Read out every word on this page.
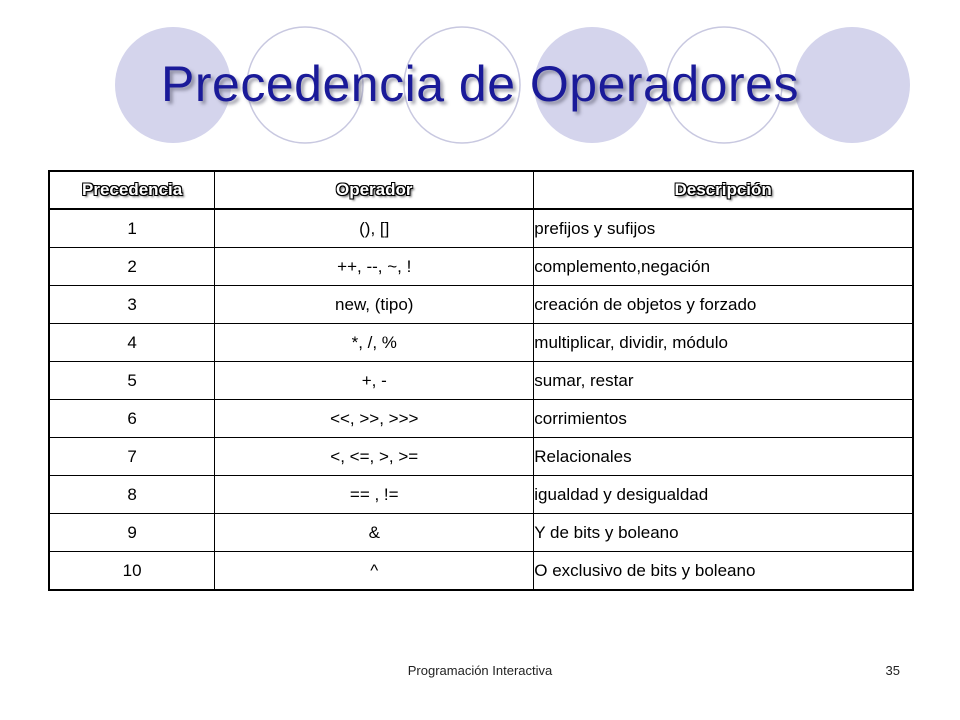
Precedencia de Operadores
Precedencia	Operador	Descripción
1	(), []	prefijos y sufijos
2	++, --, ~, !	complemento,negación
3	new, (tipo)	creación de objetos y forzado
4	*, /, %	multiplicar, dividir, módulo
5	+, -	sumar, restar
6	<<, >>, >>>	corrimientos
7	<, <=, >, >=	Relacionales
8	== , !=	igualdad y desigualdad
9	&	Y de bits y boleano
10	^	O exclusivo de bits y boleano
Programación Interactiva	35
